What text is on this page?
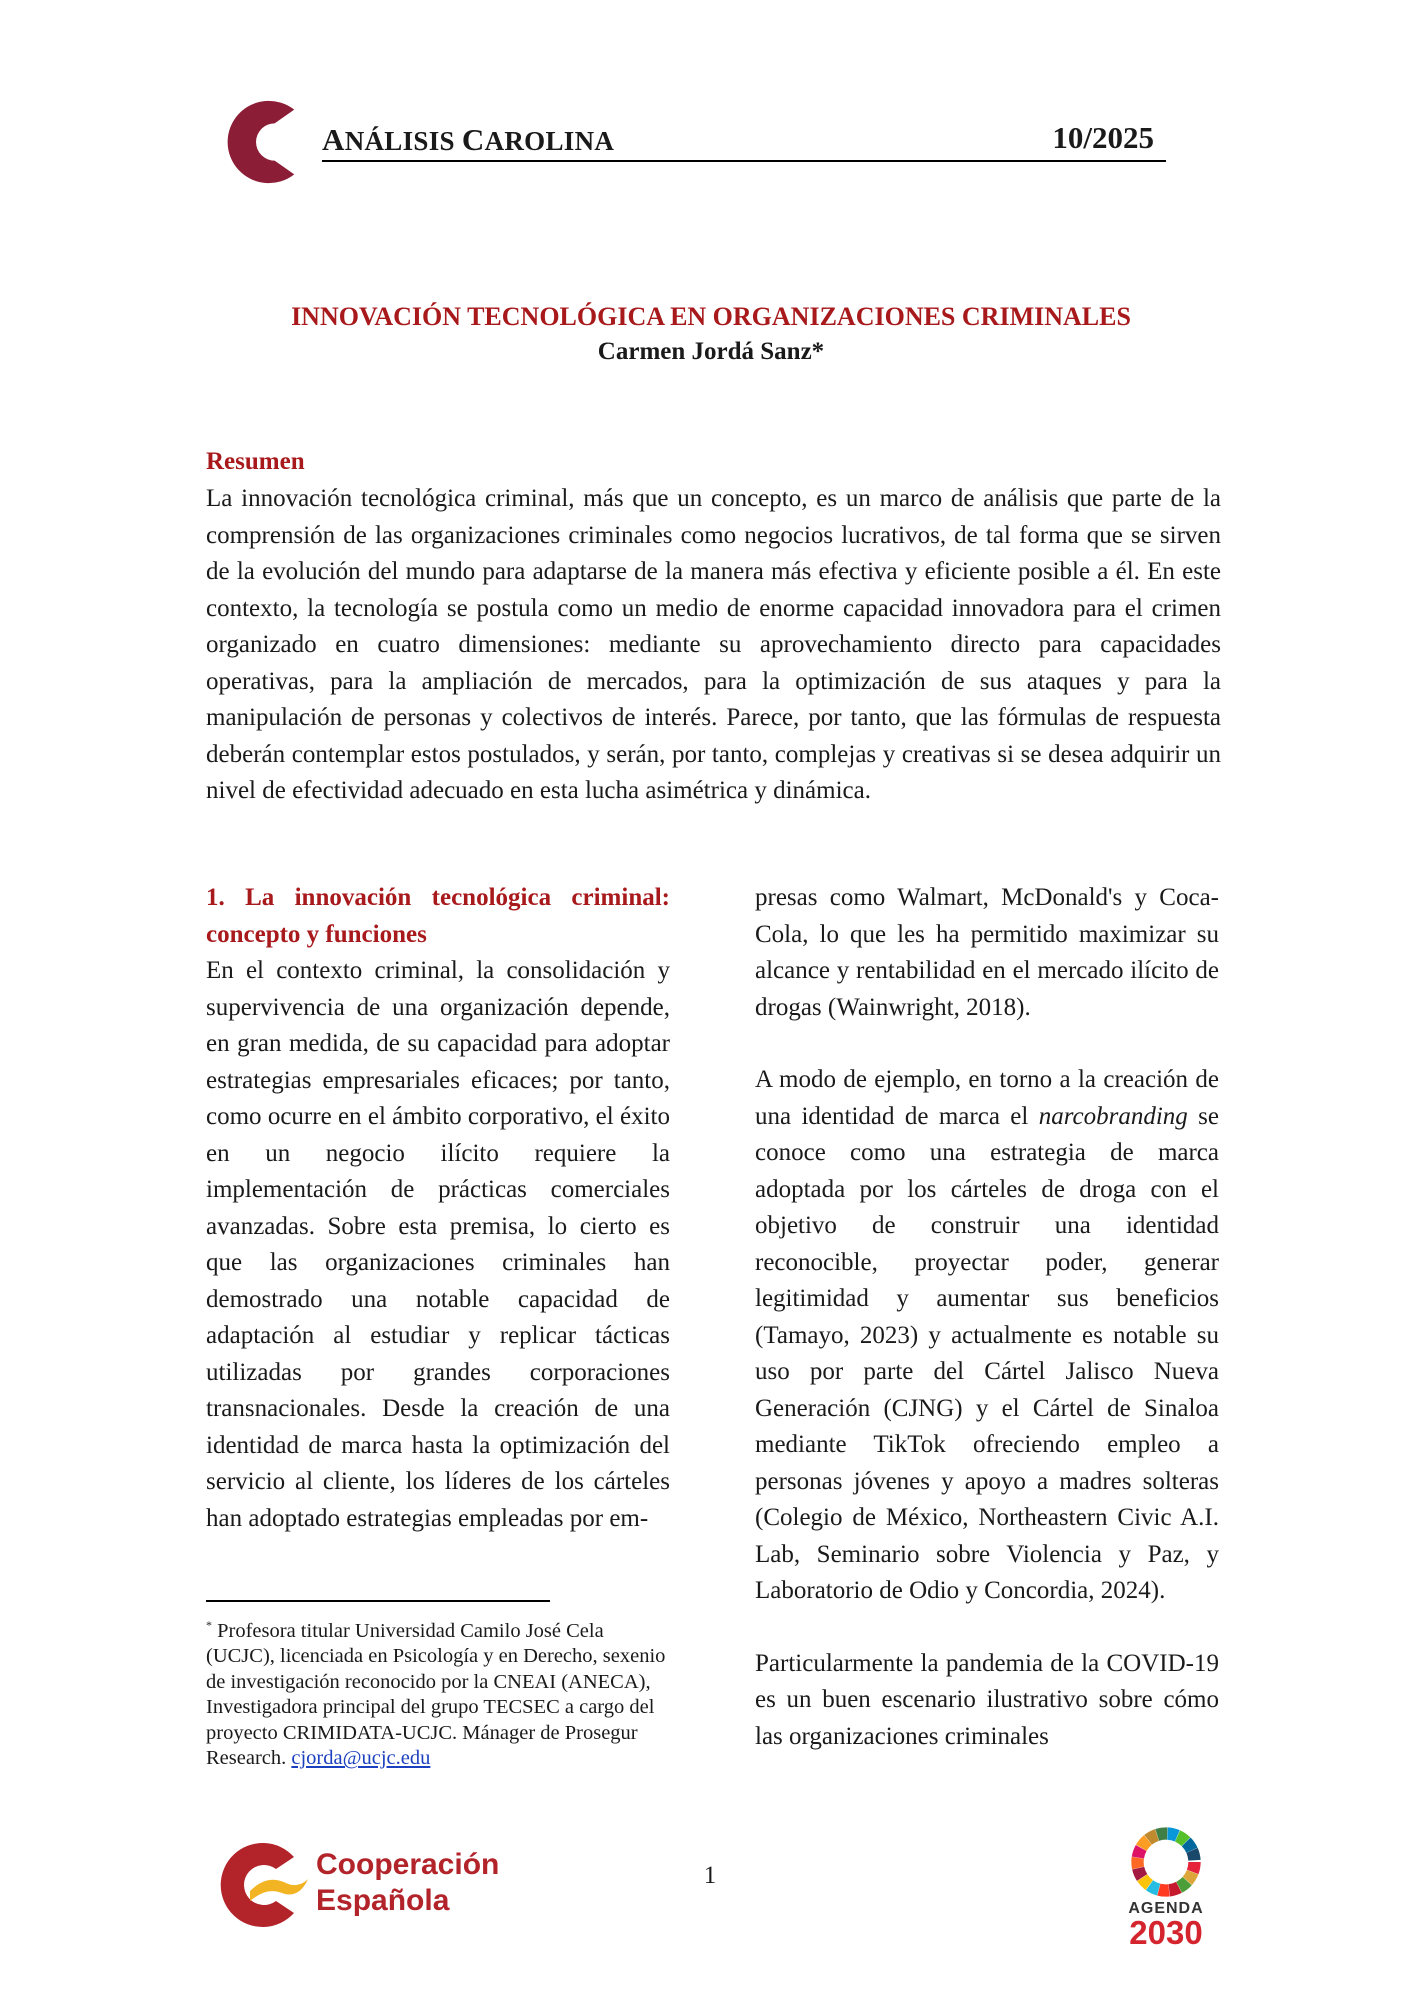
ANÁLISIS CAROLINA	10/2025
INNOVACIÓN TECNOLÓGICA EN ORGANIZACIONES CRIMINALES
Carmen Jordá Sanz*
Resumen

La innovación tecnológica criminal, más que un concepto, es un marco de análisis que parte de la comprensión de las organizaciones criminales como negocios lucrativos, de tal forma que se sirven de la evolución del mundo para adaptarse de la manera más efectiva y eficiente posible a él. En este contexto, la tecnología se postula como un medio de enorme capacidad innovadora para el crimen organizado en cuatro dimensiones: mediante su aprovechamiento directo para capacidades operativas, para la ampliación de mercados, para la optimización de sus ataques y para la manipulación de personas y colectivos de interés. Parece, por tanto, que las fórmulas de respuesta deberán contemplar estos postulados, y serán, por tanto, complejas y creativas si se desea adquirir un nivel de efectividad adecuado en esta lucha asimétrica y dinámica.

1. La innovación tecnológica criminal: concepto y funciones

En el contexto criminal, la consolidación y supervivencia de una organización depende, en gran medida, de su capacidad para adoptar estrategias empresariales eficaces; por tanto, como ocurre en el ámbito corporativo, el éxito en un negocio ilícito requiere la implementación de prácticas comerciales avanzadas. Sobre esta premisa, lo cierto es que las organizaciones criminales han demostrado una notable capacidad de adaptación al estudiar y replicar tácticas utilizadas por grandes corporaciones transnacionales. Desde la creación de una identidad de marca hasta la optimización del servicio al cliente, los líderes de los cárteles han adoptado estrategias empleadas por em-

presas como Walmart, McDonald's y Coca-Cola, lo que les ha permitido maximizar su alcance y rentabilidad en el mercado ilícito de drogas (Wainwright, 2018).

A modo de ejemplo, en torno a la creación de una identidad de marca el narcobranding se conoce como una estrategia de marca adoptada por los cárteles de droga con el objetivo de construir una identidad reconocible, proyectar poder, generar legitimidad y aumentar sus beneficios (Tamayo, 2023) y actualmente es notable su uso por parte del Cártel Jalisco Nueva Generación (CJNG) y el Cártel de Sinaloa mediante TikTok ofreciendo empleo a personas jóvenes y apoyo a madres solteras (Colegio de México, Northeastern Civic A.I. Lab, Seminario sobre Violencia y Paz, y Laboratorio de Odio y Concordia, 2024).

Particularmente la pandemia de la COVID-19 es un buen escenario ilustrativo sobre cómo las organizaciones criminales

* Profesora titular Universidad Camilo José Cela (UCJC), licenciada en Psicología y en Derecho, sexenio de investigación reconocido por la CNEAI (ANECA), Investigadora principal del grupo TECSEC a cargo del proyecto CRIMIDATA-UCJC. Mánager de Prosegur Research. cjorda@ucjc.edu

Cooperación
Española
1
AGENDA
2030
